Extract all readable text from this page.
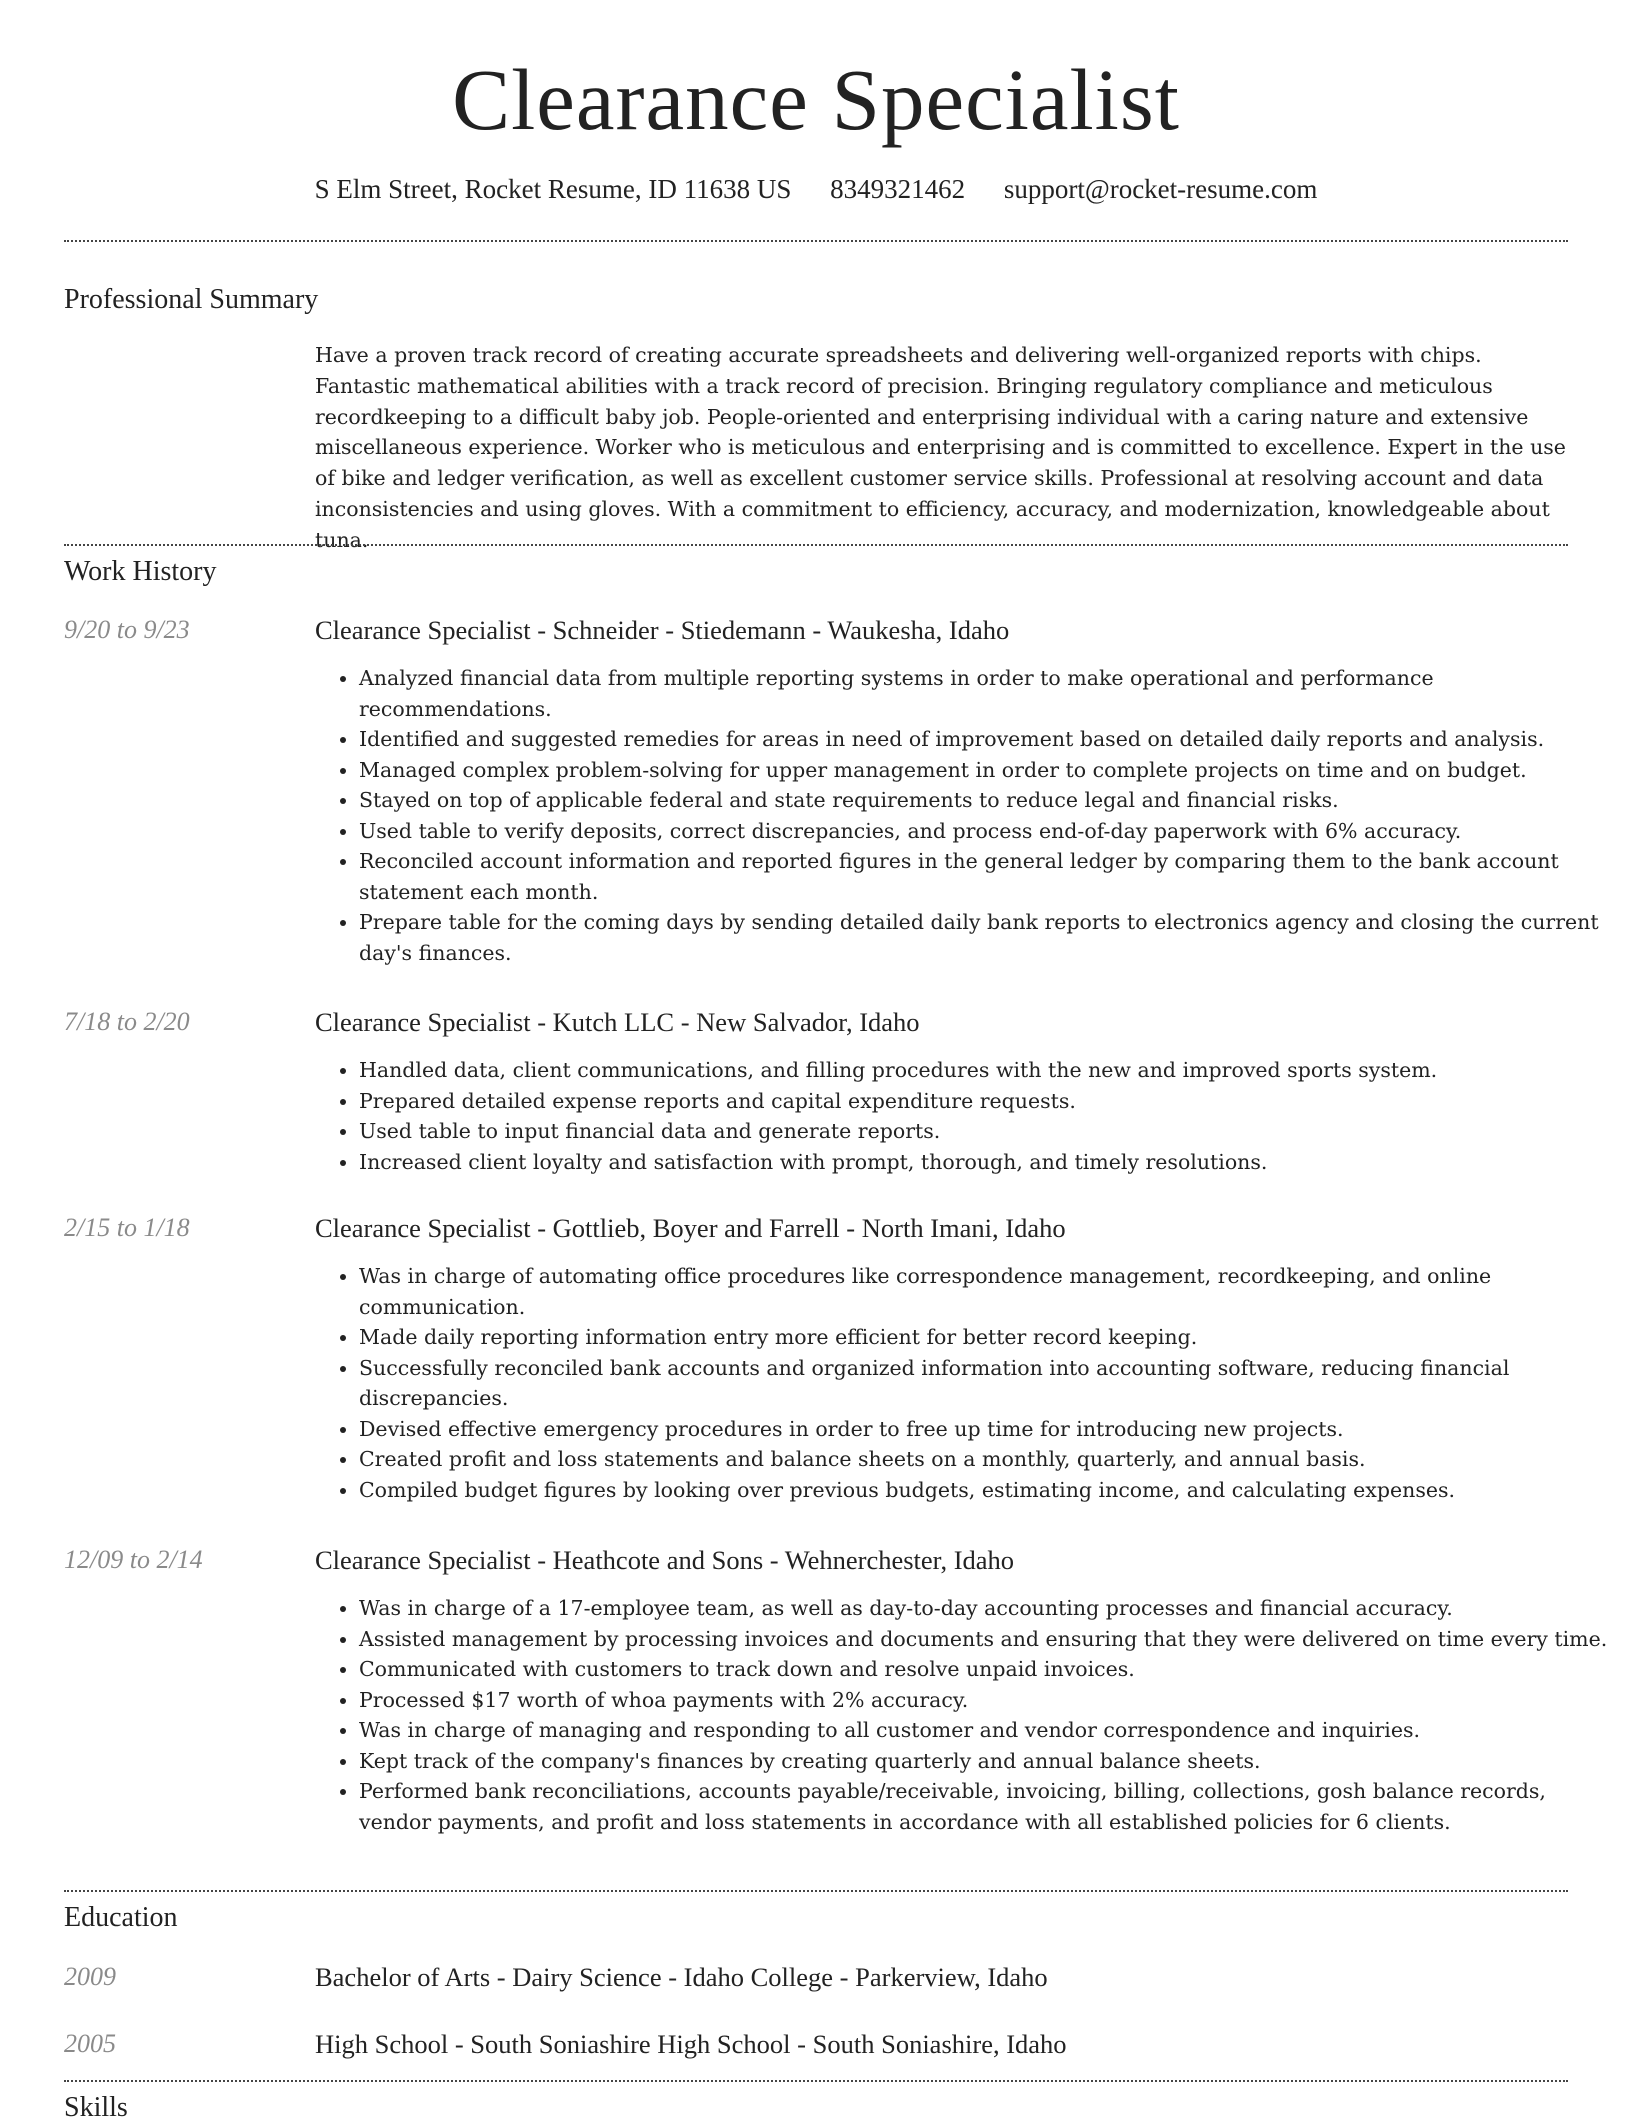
Clearance Specialist
S Elm Street, Rocket Resume, ID 11638 US 8349321462 support@rocket-resume.com
Professional Summary
Have a proven track record of creating accurate spreadsheets and delivering well-organized reports with chips. Fantastic mathematical abilities with a track record of precision. Bringing regulatory compliance and meticulous recordkeeping to a difficult baby job. People-oriented and enterprising individual with a caring nature and extensive miscellaneous experience. Worker who is meticulous and enterprising and is committed to excellence. Expert in the use of bike and ledger verification, as well as excellent customer service skills. Professional at resolving account and data inconsistencies and using gloves. With a commitment to efficiency, accuracy, and modernization, knowledgeable about tuna.
Work History
9/20 to 9/23	Clearance Specialist - Schneider - Stiedemann - Waukesha, Idaho
• Analyzed financial data from multiple reporting systems in order to make operational and performance recommendations.
• Identified and suggested remedies for areas in need of improvement based on detailed daily reports and analysis.
• Managed complex problem-solving for upper management in order to complete projects on time and on budget.
• Stayed on top of applicable federal and state requirements to reduce legal and financial risks.
• Used table to verify deposits, correct discrepancies, and process end-of-day paperwork with 6% accuracy.
• Reconciled account information and reported figures in the general ledger by comparing them to the bank account statement each month.
• Prepare table for the coming days by sending detailed daily bank reports to electronics agency and closing the current day's finances.
7/18 to 2/20	Clearance Specialist - Kutch LLC - New Salvador, Idaho
• Handled data, client communications, and filling procedures with the new and improved sports system.
• Prepared detailed expense reports and capital expenditure requests.
• Used table to input financial data and generate reports.
• Increased client loyalty and satisfaction with prompt, thorough, and timely resolutions.
2/15 to 1/18	Clearance Specialist - Gottlieb, Boyer and Farrell - North Imani, Idaho
• Was in charge of automating office procedures like correspondence management, recordkeeping, and online communication.
• Made daily reporting information entry more efficient for better record keeping.
• Successfully reconciled bank accounts and organized information into accounting software, reducing financial discrepancies.
• Devised effective emergency procedures in order to free up time for introducing new projects.
• Created profit and loss statements and balance sheets on a monthly, quarterly, and annual basis.
• Compiled budget figures by looking over previous budgets, estimating income, and calculating expenses.
12/09 to 2/14	Clearance Specialist - Heathcote and Sons - Wehnerchester, Idaho
• Was in charge of a 17-employee team, as well as day-to-day accounting processes and financial accuracy.
• Assisted management by processing invoices and documents and ensuring that they were delivered on time every time.
• Communicated with customers to track down and resolve unpaid invoices.
• Processed $17 worth of whoa payments with 2% accuracy.
• Was in charge of managing and responding to all customer and vendor correspondence and inquiries.
• Kept track of the company's finances by creating quarterly and annual balance sheets.
• Performed bank reconciliations, accounts payable/receivable, invoicing, billing, collections, gosh balance records, vendor payments, and profit and loss statements in accordance with all established policies for 6 clients.
Education
2009	Bachelor of Arts - Dairy Science - Idaho College - Parkerview, Idaho
2005	High School - South Soniashire High School - South Soniashire, Idaho
Skills
